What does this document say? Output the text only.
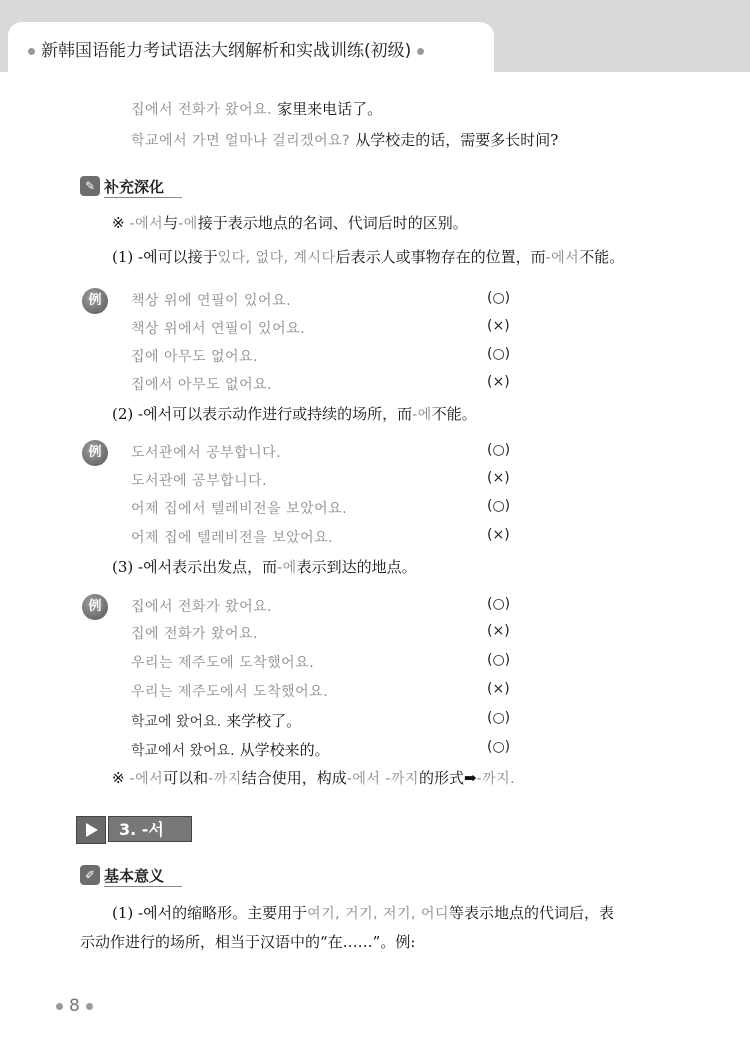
新韩国语能力考试语法大纲解析和实战训练(初级)
집에서 전화가 왔어요. 家里来电话了。
학교에서 가면 얼마나 걸리겠어요? 从学校走的话，需要多长时间?
✎ 补充深化
※ -에서与-에接于表示地点的名词、代词后时的区别。
(1) -에可以接于있다, 없다, 계시다后表示人或事物存在的位置，而-에서不能。
例	책상 위에 연필이 있어요.	(○)
책상 위에서 연필이 있어요.	(×)
집에 아무도 없어요.	(○)
집에서 아무도 없어요.	(×)
(2) -에서可以表示动作进行或持续的场所，而-에不能。
例	도서관에서 공부합니다.	(○)
도서관에 공부합니다.	(×)
어제 집에서 텔레비전을 보았어요.	(○)
어제 집에 텔레비전을 보았어요.	(×)
(3) -에서表示出发点，而-에表示到达的地点。
例	집에서 전화가 왔어요.	(○)
집에 전화가 왔어요.	(×)
우리는 제주도에 도착했어요.	(○)
우리는 제주도에서 도착했어요.	(×)
학교에 왔어요. 来学校了。	(○)
학교에서 왔어요. 从学校来的。	(○)
※ -에서可以和-까지结合使用，构成-에서 -까지的形式➡-까지.
3. -서
✐ 基本意义
(1) -에서的缩略形。主要用于여기, 거기, 저기, 어디等表示地点的代词后，表
示动作进行的场所，相当于汉语中的“在……”。例:
8
